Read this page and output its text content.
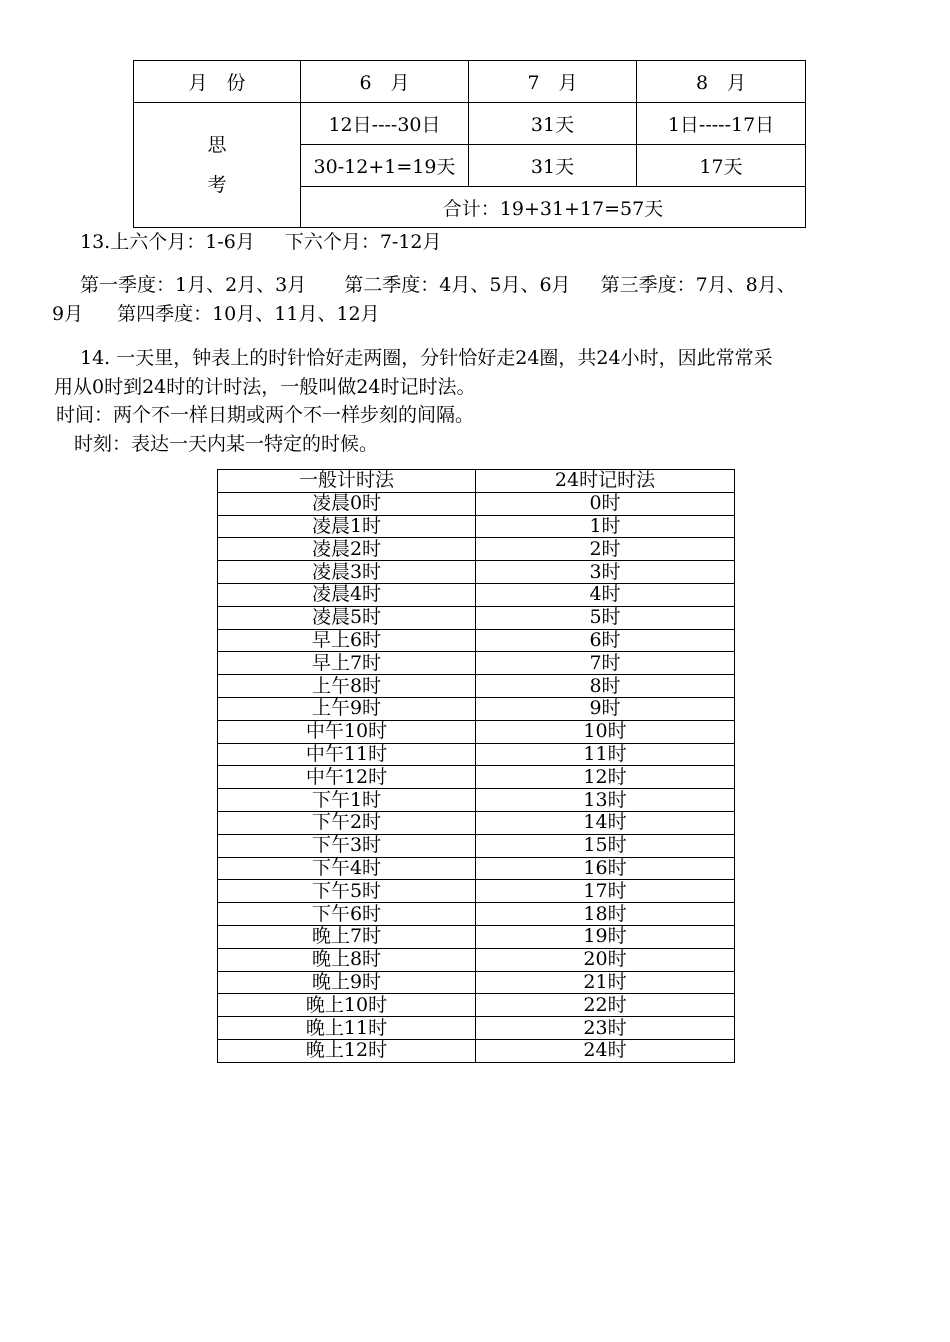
月　份	6　月	7　月	8　月

思
考	12日----30日	31天	1日-----17日
	30-12+1=19天	31天	17天
	合计：19+31+17=57天		
13.上六个月：1-6月 下六个月：7-12月
第一季度：1月、2月、3月 第二季度：4月、5月、6月 第三季度：7月、8月、
9月 第四季度：10月、11月、12月
14. 一天里，钟表上的时针恰好走两圈，分针恰好走24圈，共24小时，因此常常采
用从0时到24时的计时法，一般叫做24时记时法。
时间：两个不一样日期或两个不一样步刻的间隔。
时刻：表达一天内某一特定的时候。
一般计时法	24时记时法
凌晨0时	0时
凌晨1时	1时
凌晨2时	2时
凌晨3时	3时
凌晨4时	4时
凌晨5时	5时
早上6时	6时
早上7时	7时
上午8时	8时
上午9时	9时
中午10时	10时
中午11时	11时
中午12时	12时
下午1时	13时
下午2时	14时
下午3时	15时
下午4时	16时
下午5时	17时
下午6时	18时
晚上7时	19时
晚上8时	20时
晚上9时	21时
晚上10时	22时
晚上11时	23时
晚上12时	24时
